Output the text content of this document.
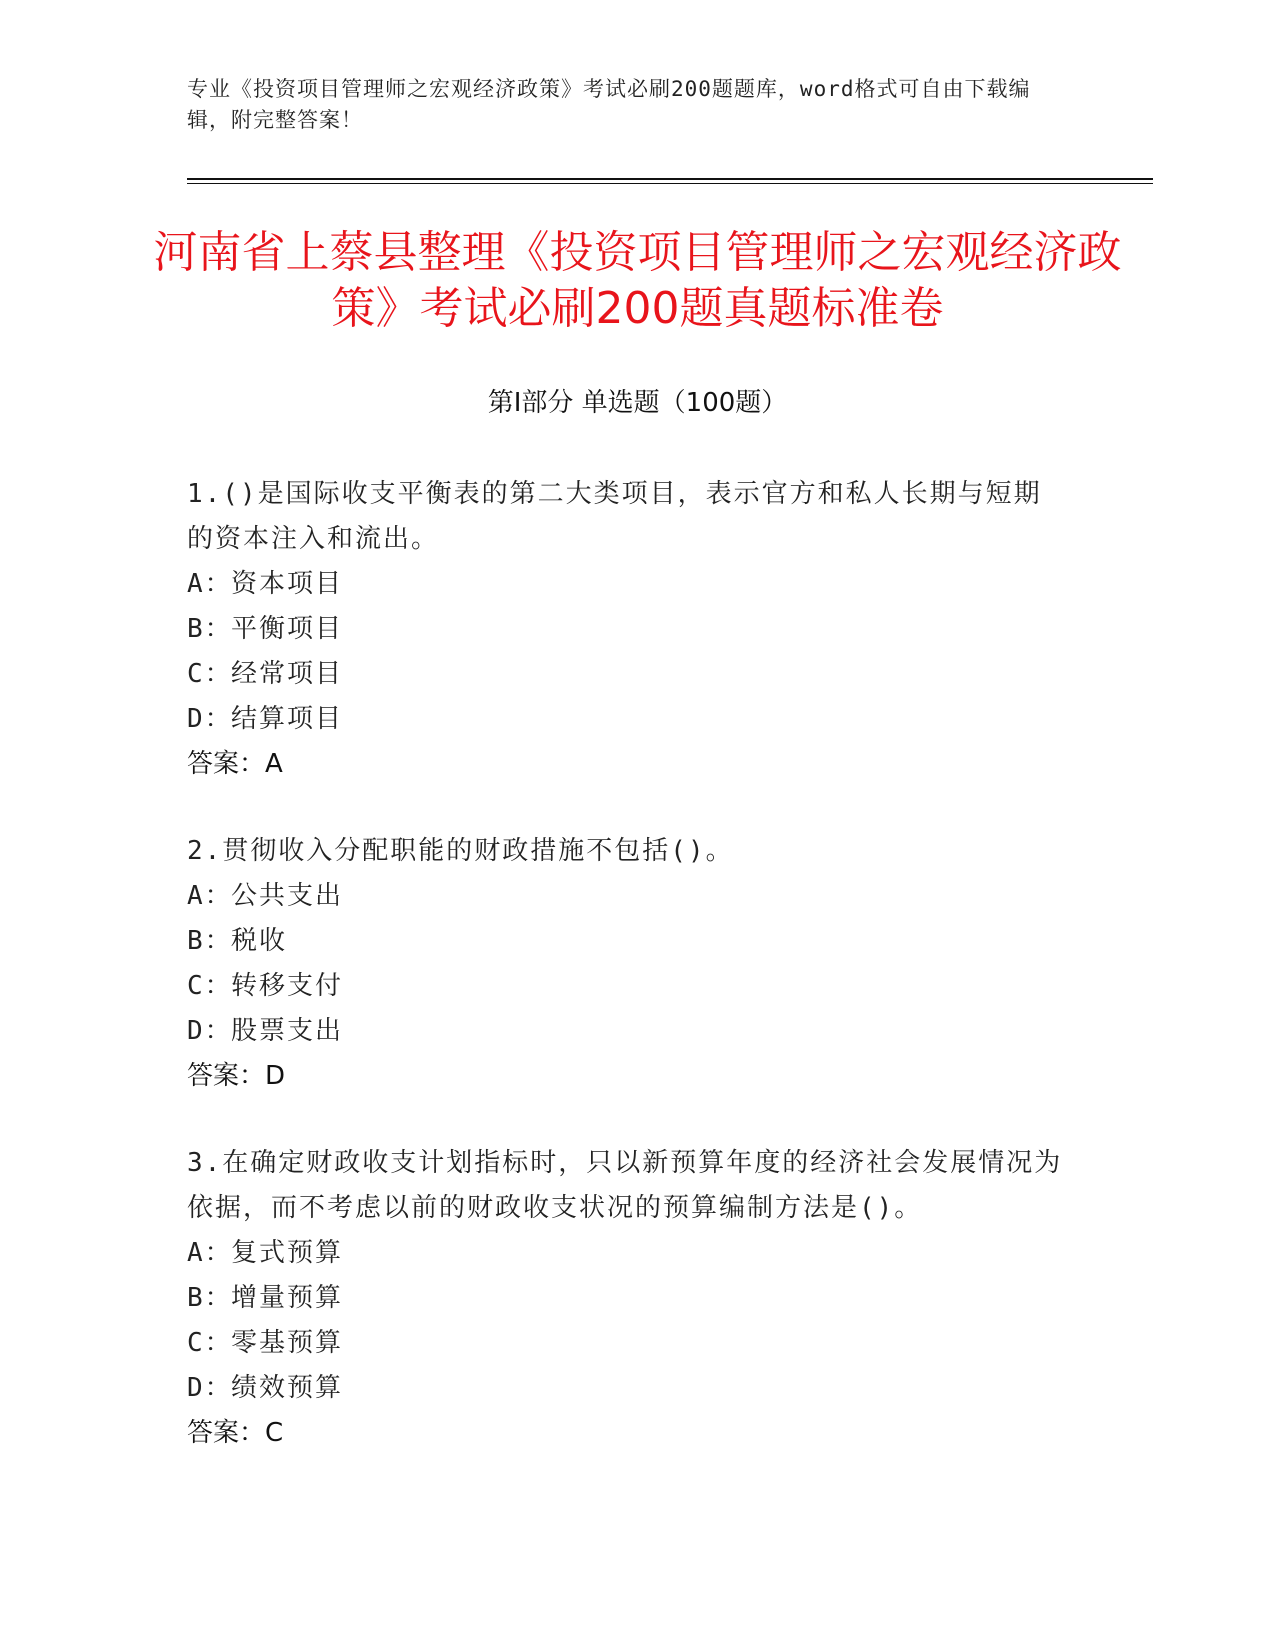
专业《投资项目管理师之宏观经济政策》考试必刷200题题库，word格式可自由下载编辑，附完整答案！
河南省上蔡县整理《投资项目管理师之宏观经济政策》考试必刷200题真题标准卷
第Ⅰ部分 单选题（100题）

1.()是国际收支平衡表的第二大类项目，表示官方和私人长期与短期的资本注入和流出。

A：资本项目

B：平衡项目

C：经常项目

D：结算项目

答案：A

2.贯彻收入分配职能的财政措施不包括()。

A：公共支出

B：税收

C：转移支付

D：股票支出

答案：D

3.在确定财政收支计划指标时，只以新预算年度的经济社会发展情况为依据，而不考虑以前的财政收支状况的预算编制方法是()。

A：复式预算

B：增量预算

C：零基预算

D：绩效预算

答案：C
